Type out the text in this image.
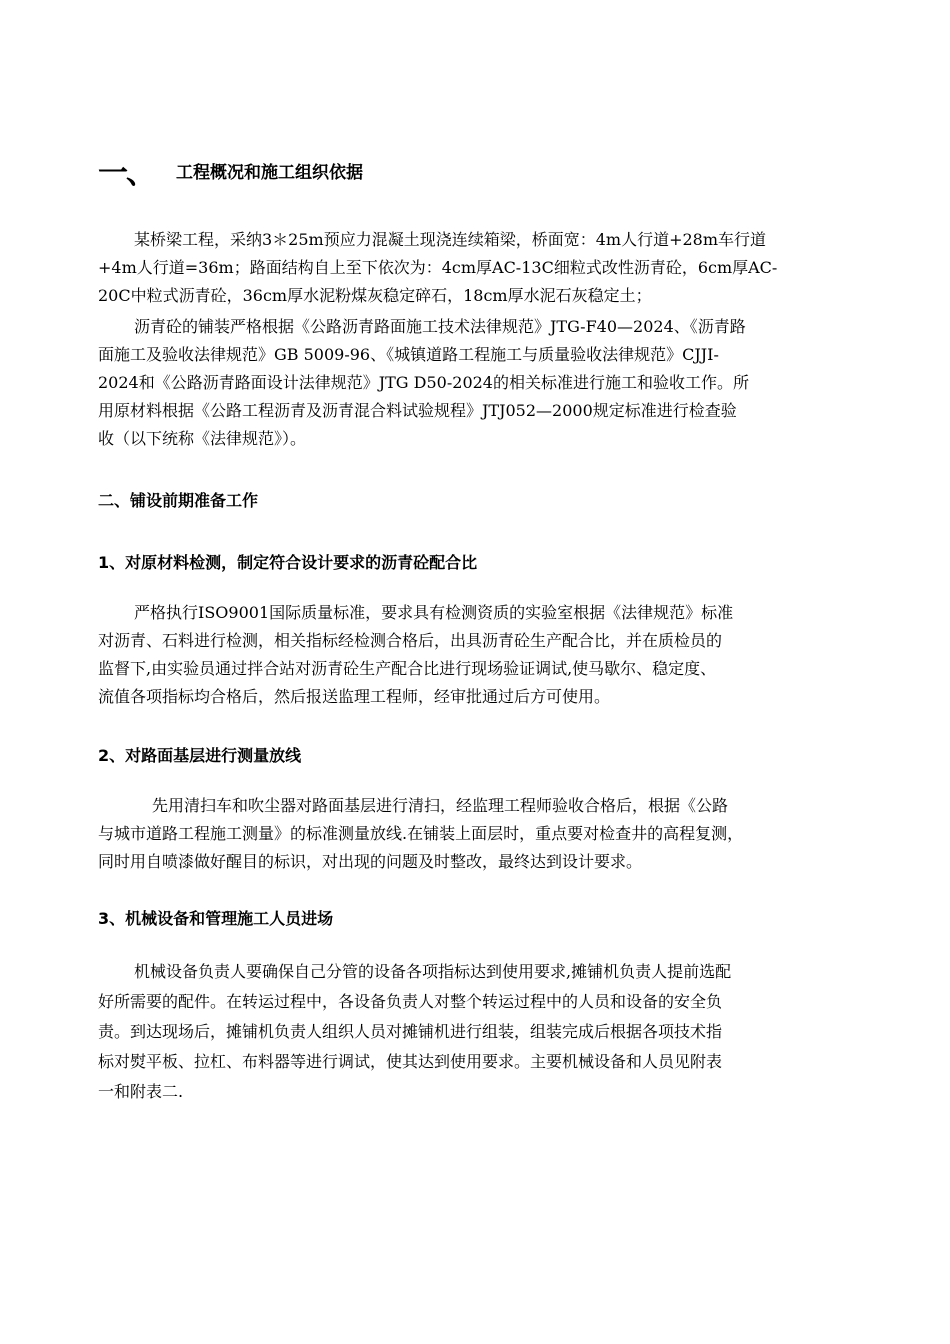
一、 工程概况和施工组织依据
某桥梁工程，采纳3＊25m预应力混凝土现浇连续箱梁，桥面宽：4m人行道+28m车行道
+4m人行道=36m；路面结构自上至下依次为：4cm厚AC-13C细粒式改性沥青砼，6cm厚AC-
20C中粒式沥青砼，36cm厚水泥粉煤灰稳定碎石，18cm厚水泥石灰稳定土；
沥青砼的铺装严格根据《公路沥青路面施工技术法律规范》JTG-F40—2024、《沥青路
面施工及验收法律规范》GB 5009-96、《城镇道路工程施工与质量验收法律规范》CJJI-
2024和《公路沥青路面设计法律规范》JTG D50-2024的相关标准进行施工和验收工作。所
用原材料根据《公路工程沥青及沥青混合料试验规程》JTJ052—2000规定标准进行检查验
收（以下统称《法律规范》）。
二、铺设前期准备工作
1、对原材料检测，制定符合设计要求的沥青砼配合比
严格执行ISO9001国际质量标准，要求具有检测资质的实验室根据《法律规范》标准
对沥青、石料进行检测，相关指标经检测合格后，出具沥青砼生产配合比，并在质检员的
监督下,由实验员通过拌合站对沥青砼生产配合比进行现场验证调试,使马歇尔、稳定度、
流值各项指标均合格后，然后报送监理工程师，经审批通过后方可使用。
2、对路面基层进行测量放线
先用清扫车和吹尘器对路面基层进行清扫，经监理工程师验收合格后，根据《公路
与城市道路工程施工测量》的标准测量放线.在铺装上面层时，重点要对检查井的高程复测，
同时用自喷漆做好醒目的标识，对出现的问题及时整改，最终达到设计要求。
3、机械设备和管理施工人员进场
机械设备负责人要确保自己分管的设备各项指标达到使用要求,摊铺机负责人提前选配
好所需要的配件。在转运过程中，各设备负责人对整个转运过程中的人员和设备的安全负
责。到达现场后，摊铺机负责人组织人员对摊铺机进行组装，组装完成后根据各项技术指
标对熨平板、拉杠、布料器等进行调试，使其达到使用要求。主要机械设备和人员见附表
一和附表二.
